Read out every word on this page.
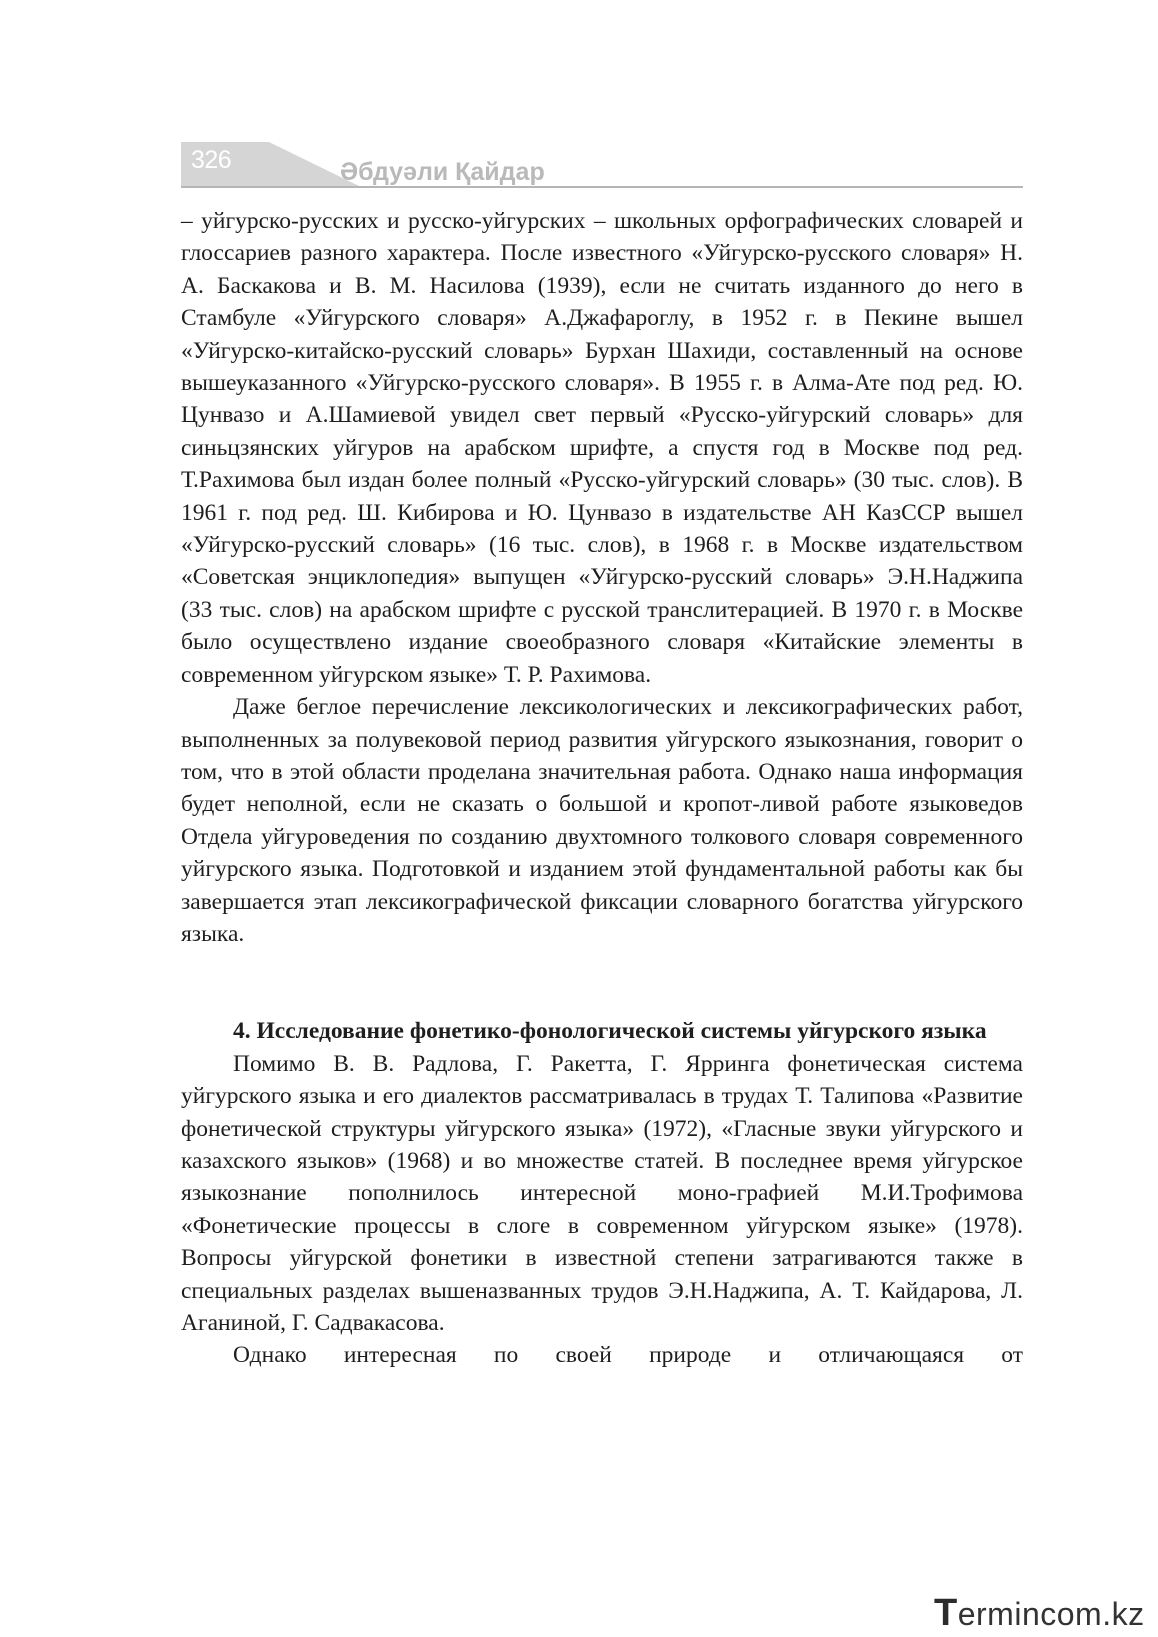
326	Әбдуәли Қайдар

– уйгурско-русских и русско-уйгурских – школьных орфографических словарей и глоссариев разного характера. После известного «Уйгурско-русского словаря» Н. А. Баскакова и В. М. Насилова (1939), если не считать изданного до него в Стамбуле «Уйгурского словаря» А.Джафароглу, в 1952 г. в Пекине вышел «Уйгурско-китайско-русский словарь» Бурхан Шахиди, составленный на основе вышеуказанного «Уйгурско-русского словаря». В 1955 г. в Алма-Ате под ред. Ю. Цунвазо и А.Шамиевой увидел свет первый «Русско-уйгурский словарь» для синьцзянских уйгуров на арабском шрифте, а спустя год в Москве под ред. Т.Рахимова был издан более полный «Русско-уйгурский словарь» (30 тыс. слов). В 1961 г. под ред. Ш. Кибирова и Ю. Цунвазо в издательстве АН КазССР вышел «Уйгурско-русский словарь» (16 тыс. слов), в 1968 г. в Москве издательством «Советская энциклопедия» выпущен «Уйгурско-русский словарь» Э.Н.Наджипа (33 тыс. слов) на арабском шрифте с русской транслитерацией. В 1970 г. в Москве было осуществлено издание своеобразного словаря «Китайские элементы в современном уйгурском языке» Т. Р. Рахимова.

Даже беглое перечисление лексикологических и лексикографических работ, выполненных за полувековой период развития уйгурского языкознания, говорит о том, что в этой области проделана значительная работа. Однако наша информация будет неполной, если не сказать о большой и кропот-ливой работе языковедов Отдела уйгуроведения по созданию двухтомного толкового словаря современного уйгурского языка. Подготовкой и изданием этой фундаментальной работы как бы завершается этап лексикографической фиксации словарного богатства уйгурского языка.

4. Исследование фонетико-фонологической системы уйгурского языка

Помимо В. В. Радлова, Г. Ракетта, Г. Ярринга фонетическая система уйгурского языка и его диалектов рассматривалась в трудах Т. Талипова «Развитие фонетической структуры уйгурского языка» (1972), «Гласные звуки уйгурского и казахского языков» (1968) и во множестве статей. В последнее время уйгурское языкознание пополнилось интересной моно-графией М.И.Трофимова «Фонетические процессы в слоге в современном уйгурском языке» (1978). Вопросы уйгурской фонетики в известной степени затрагиваются также в специальных разделах вышеназванных трудов Э.Н.Наджипа, А. Т. Кайдарова, Л. Аганиной, Г. Садвакасова.

Однако интересная по своей природе и отличающаяся от

Termincom.kz
